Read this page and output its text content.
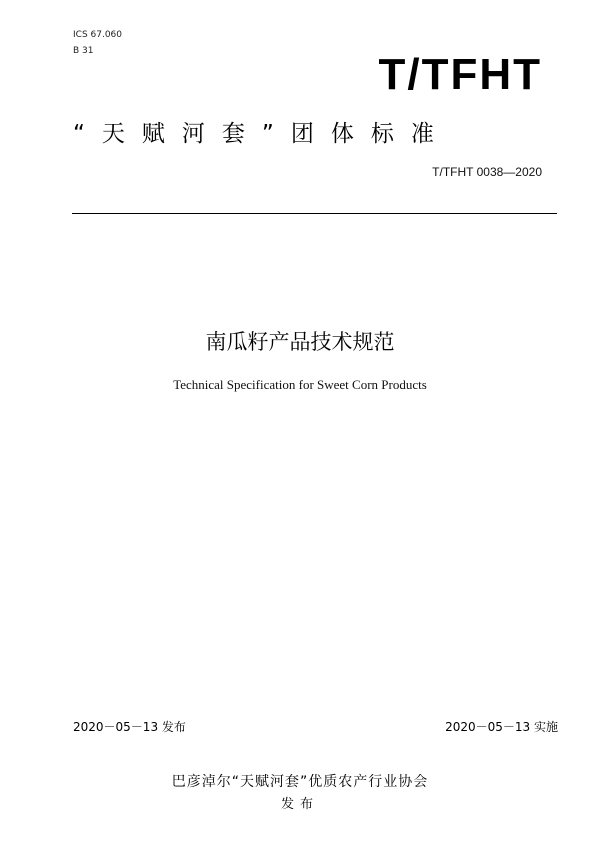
ICS 67.060
B 31	T/TFHT
“天赋河套”团体标准
T/TFHT 0038—2020
南瓜籽产品技术规范
Technical Specification for Sweet Corn Products
2020－05－13 发布	2020－05－13 实施
巴彦淖尔“天赋河套”优质农产行业协会
发布
